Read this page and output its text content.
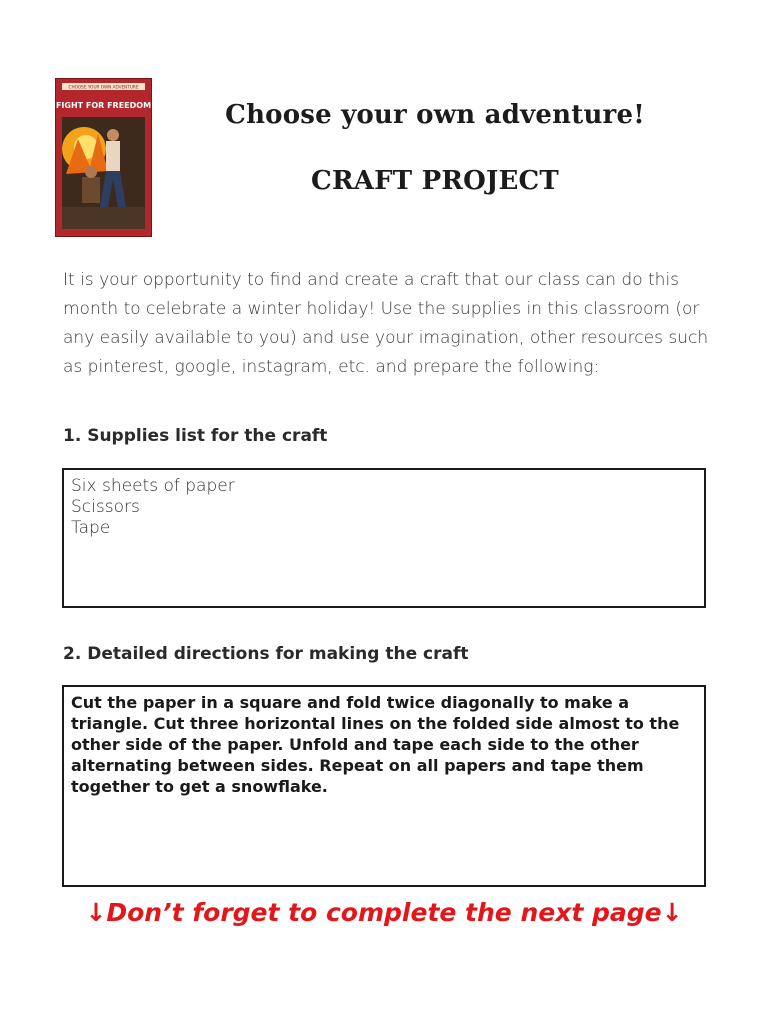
CHOOSE YOUR OWN ADVENTURE
FIGHT FOR FREEDOM	Choose your own adventure!
CRAFT PROJECT

It is your opportunity to find and create a craft that our class can do this month to celebrate a winter holiday! Use the supplies in this classroom (or any easily available to you) and use your imagination, other resources such as pinterest, google, instagram, etc. and prepare the following:

1. Supplies list for the craft

Six sheets of paper
Scissors
Tape

2. Detailed directions for making the craft

Cut the paper in a square and fold twice diagonally to make a triangle. Cut three horizontal lines on the folded side almost to the other side of the paper. Unfold and tape each side to the other alternating between sides. Repeat on all papers and tape them together to get a snowflake.

↓Don’t forget to complete the next page↓
